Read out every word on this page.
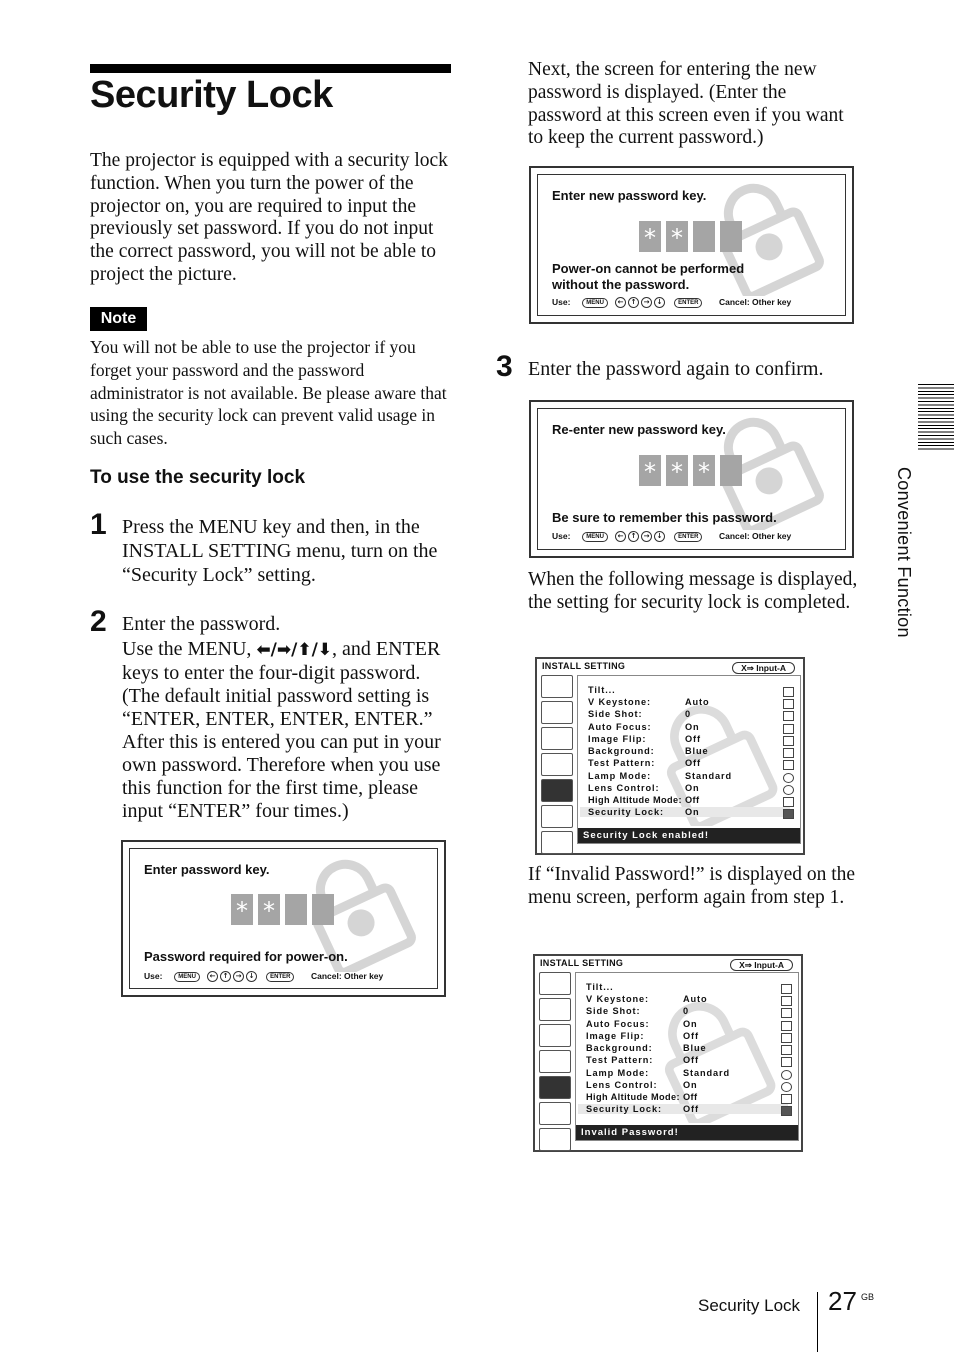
Security Lock

The projector is equipped with a security lock function. When you turn the power of the projector on, you are required to input the previously set password. If you do not input the correct password, you will not be able to project the picture.

Note

You will not be able to use the projector if you forget your password and the password administrator is not available. Be please aware that using the security lock can prevent valid usage in such cases.

To use the security lock
1 Press the MENU key and then, in the INSTALL SETTING menu, turn on the “Security Lock” setting.
2 Enter the password.
Use the MENU, ⬅/➡/⬆/⬇, and ENTER keys to enter the four-digit password. (The default initial password setting is “ENTER, ENTER, ENTER, ENTER.” After this is entered you can put in your own password. Therefore when you use this function for the first time, please input “ENTER” four times.)
Enter password key.
* *
Password required for power-on.
Use:	MENU ← ↑ → ↓	ENTER Cancel: Other key

Next, the screen for entering the new password is displayed. (Enter the password at this screen even if you want to keep the current password.)

Enter new password key.
* *
Power-on cannot be performed
without the password.
Use:	MENU ← ↑ → ↓	ENTER Cancel: Other key
3 Enter the password again to confirm.
Re-enter new password key.
* * *
Be sure to remember this password.
Use:	MENU ← ↑ → ↓	ENTER Cancel: Other key

When the following message is displayed, the setting for security lock is completed.

INSTALL SETTING	X⇒ Input-A
Tilt...
V Keystone:	Auto
Side Shot:	0
Auto Focus:	On
Image Flip:	Off
Background:	Blue
Test Pattern:	Off
Lamp Mode:	Standard
Lens Control:	On
High Altitude Mode: Off
Security Lock: On
Security Lock enabled!

If “Invalid Password!” is displayed on the menu screen, perform again from step 1.

INSTALL SETTING	X⇒ Input-A
Tilt...
V Keystone:	Auto
Side Shot:	0
Auto Focus:	On
Image Flip:	Off
Background:	Blue
Test Pattern:	Off
Lamp Mode:	Standard
Lens Control:	On
High Altitude Mode: Off
Security Lock: Off
Invalid Password!
Convenient Function
Security Lock 27 GB
